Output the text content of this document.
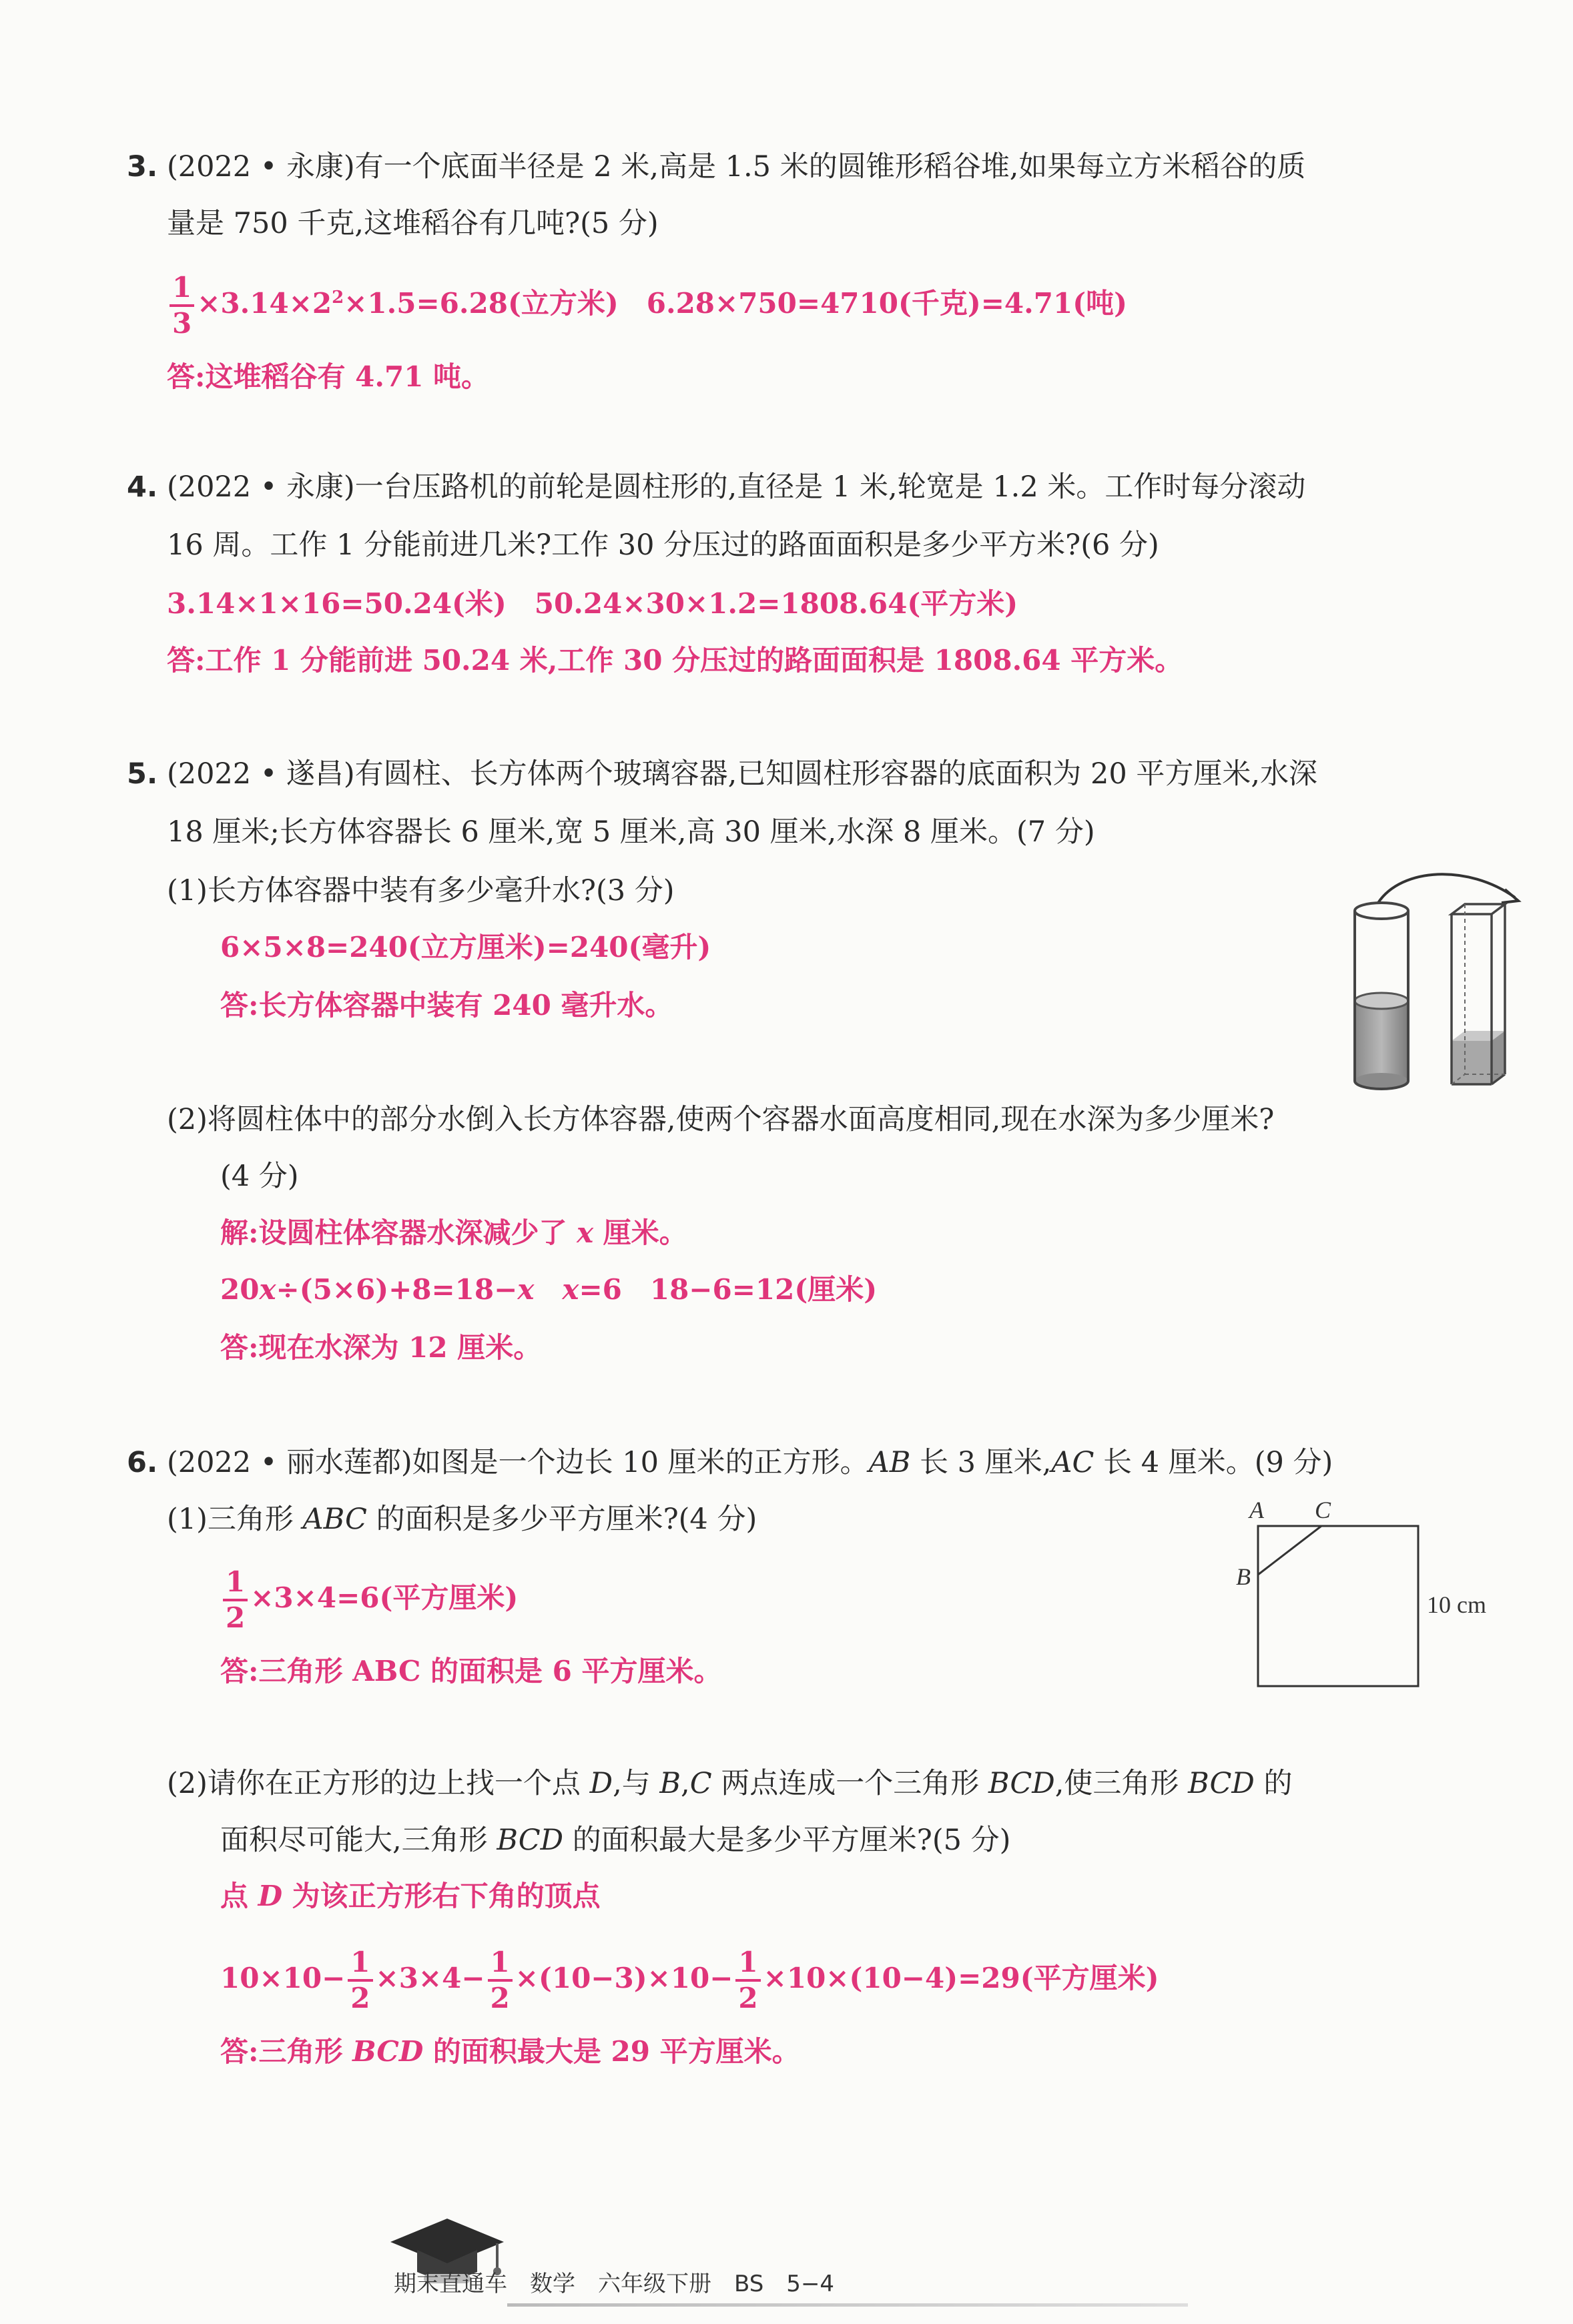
3. (2022 • 永康)有一个底面半径是 2 米,高是 1.5 米的圆锥形稻谷堆,如果每立方米稻谷的质
量是 750 千克,这堆稻谷有几吨?(5 分)
$\frac{1}{3} \times 3.14\times 2^2\times 1.5=6.28$(立方米)　6.28×750=4710(千克)=4.71(吨)
答:这堆稻谷有 4.71 吨。
4. (2022 • 永康)一台压路机的前轮是圆柱形的,直径是 1 米,轮宽是 1.2 米。工作时每分滚动
16 周。工作 1 分能前进几米?工作 30 分压过的路面面积是多少平方米?(6 分)
3.14×1×16=50.24(米)　50.24×30×1.2=1808.64(平方米)
答:工作 1 分能前进 50.24 米,工作 30 分压过的路面面积是 1808.64 平方米。
5. (2022 • 遂昌)有圆柱、长方体两个玻璃容器,已知圆柱形容器的底面积为 20 平方厘米,水深
18 厘米;长方体容器长 6 厘米,宽 5 厘米,高 30 厘米,水深 8 厘米。(7 分)
(1)长方体容器中装有多少毫升水?(3 分)
6×5×8=240(立方厘米)=240(毫升)
答:长方体容器中装有 240 毫升水。
(2)将圆柱体中的部分水倒入长方体容器,使两个容器水面高度相同,现在水深为多少厘米?
(4 分)
解:设圆柱体容器水深减少了 x 厘米。
20x÷(5×6)+8=18−x　 x=6　18−6=12(厘米)
答:现在水深为 12 厘米。
6. (2022 • 丽水莲都)如图是一个边长 10 厘米的正方形。AB 长 3 厘米,AC 长 4 厘米。(9 分)
(1)三角形 ABC 的面积是多少平方厘米?(4 分)
$\frac{1}{2} \times 3\times 4=6$(平方厘米)
答:三角形 ABC 的面积是 6 平方厘米。
(2)请你在正方形的边上找一个点 D,与 B,C 两点连成一个三角形 BCD,使三角形 BCD 的
面积尽可能大,三角形 BCD 的面积最大是多少平方厘米?(5 分)
点 D 为该正方形右下角的顶点
$10\times 10- \frac{1}{2} \times 3\times 4- \frac{1}{2} \times(10-3)\times 10- \frac{1}{2} \times 10\times(10-4)=29$(平方厘米)
答:三角形 BCD 的面积最大是 29 平方厘米。
A C
B
10 cm
期末直通车　数学　六年级下册　BS　5−4
